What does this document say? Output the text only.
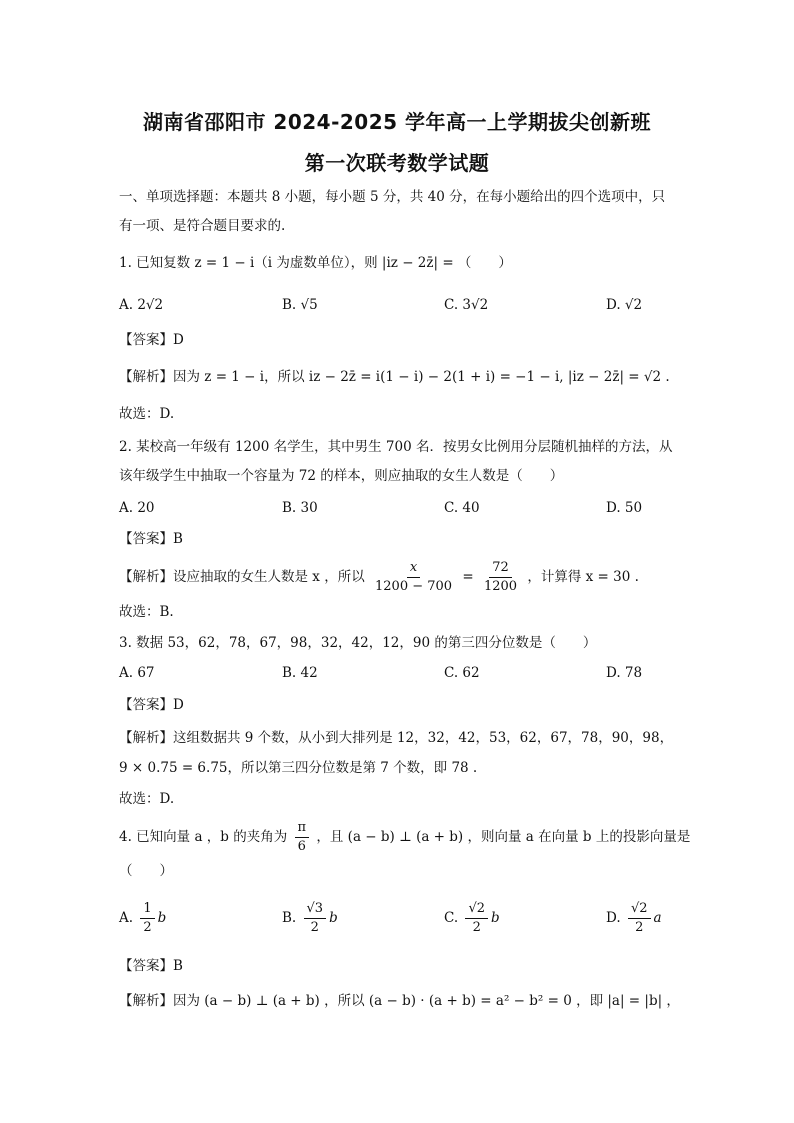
湖南省邵阳市 2024-2025 学年高一上学期拔尖创新班
第一次联考数学试题
一、单项选择题：本题共 8 小题，每小题 5 分，共 40 分，在每小题给出的四个选项中，只
有一项、是符合题目要求的.
1. 已知复数 z = 1 − i（i 为虚数单位），则 |iz − 2z̄| = （　　）
A. 2√2	B. √5	C. 3√2	D. √2
【答案】D
【解析】因为 z = 1 − i，所以 iz − 2z̄ = i(1 − i) − 2(1 + i) = −1 − i, |iz − 2z̄| = √2 .
故选：D.
2. 某校高一年级有 1200 名学生，其中男生 700 名．按男女比例用分层随机抽样的方法，从
该年级学生中抽取一个容量为 72 的样本，则应抽取的女生人数是（　　）
A. 20	B. 30	C. 40	D. 50
【答案】B
【解析】设应抽取的女生人数是 x ，所以 $\frac{x}{1200 - 700} = \frac{72}{1200}$ ，计算得 x = 30 .
故选：B.
3. 数据 53，62，78，67，98，32，42，12，90 的第三四分位数是（　　）
A. 67	B. 42	C. 62	D. 78
【答案】D
【解析】这组数据共 9 个数，从小到大排列是 12，32，42，53，62，67，78，90，98，
9 × 0.75 = 6.75，所以第三四分位数是第 7 个数，即 78 .
故选：D.
4. 已知向量 a ，b 的夹角为 $\frac{\pi}{6}$ ，且 (a − b) ⊥ (a + b) ，则向量 a 在向量 b 上的投影向量是
（　　）
A. $\frac{1}{2}$ b	B. $\frac{√3}{2}$ b	C. $\frac{√2}{2}$ b	D. $\frac{√2}{2}$ a
【答案】B
【解析】因为 (a − b) ⊥ (a + b) ，所以 (a − b) · (a + b) = a² − b² = 0 ，即 |a| = |b| ，
